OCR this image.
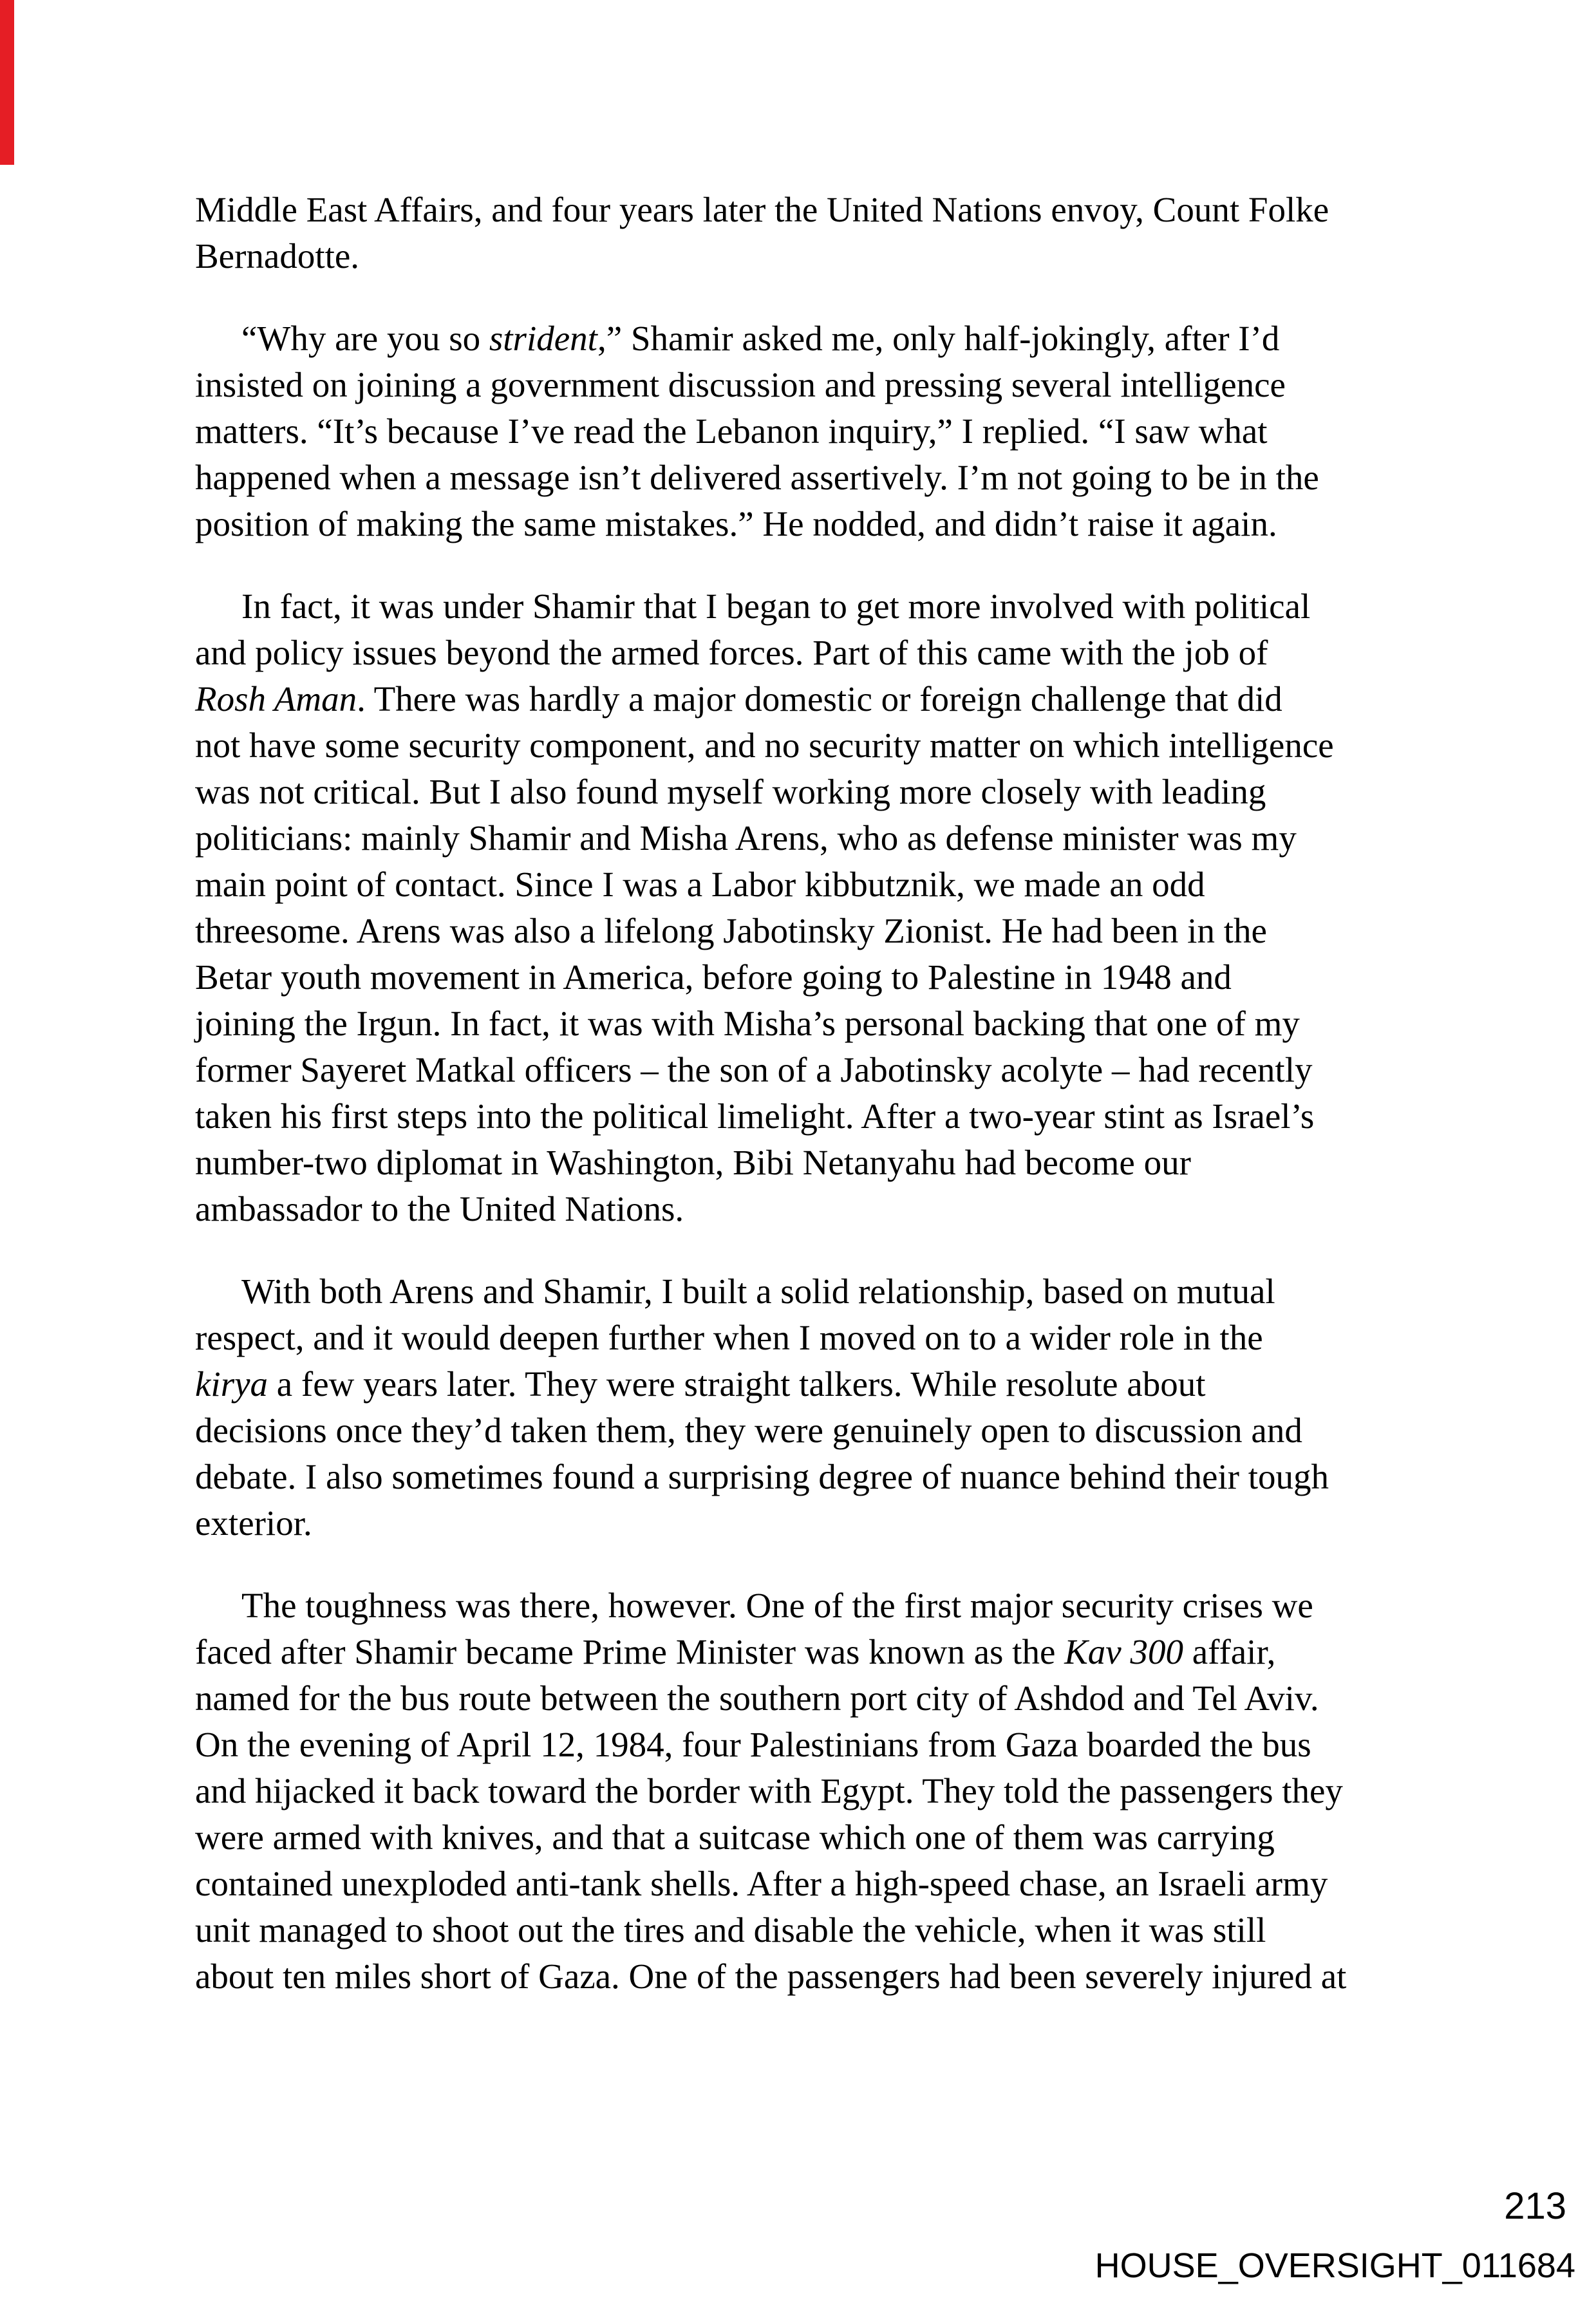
Middle East Affairs, and four years later the United Nations envoy, Count Folke
Bernadotte.
“Why are you so strident,” Shamir asked me, only half-jokingly, after I’d
insisted on joining a government discussion and pressing several intelligence
matters. “It’s because I’ve read the Lebanon inquiry,” I replied. “I saw what
happened when a message isn’t delivered assertively. I’m not going to be in the
position of making the same mistakes.” He nodded, and didn’t raise it again.
In fact, it was under Shamir that I began to get more involved with political
and policy issues beyond the armed forces. Part of this came with the job of
Rosh Aman. There was hardly a major domestic or foreign challenge that did
not have some security component, and no security matter on which intelligence
was not critical. But I also found myself working more closely with leading
politicians: mainly Shamir and Misha Arens, who as defense minister was my
main point of contact. Since I was a Labor kibbutznik, we made an odd
threesome. Arens was also a lifelong Jabotinsky Zionist. He had been in the
Betar youth movement in America, before going to Palestine in 1948 and
joining the Irgun. In fact, it was with Misha’s personal backing that one of my
former Sayeret Matkal officers – the son of a Jabotinsky acolyte – had recently
taken his first steps into the political limelight. After a two-year stint as Israel’s
number-two diplomat in Washington, Bibi Netanyahu had become our
ambassador to the United Nations.
With both Arens and Shamir, I built a solid relationship, based on mutual
respect, and it would deepen further when I moved on to a wider role in the
kirya a few years later. They were straight talkers. While resolute about
decisions once they’d taken them, they were genuinely open to discussion and
debate. I also sometimes found a surprising degree of nuance behind their tough
exterior.
The toughness was there, however. One of the first major security crises we
faced after Shamir became Prime Minister was known as the Kav 300 affair,
named for the bus route between the southern port city of Ashdod and Tel Aviv.
On the evening of April 12, 1984, four Palestinians from Gaza boarded the bus
and hijacked it back toward the border with Egypt. They told the passengers they
were armed with knives, and that a suitcase which one of them was carrying
contained unexploded anti-tank shells. After a high-speed chase, an Israeli army
unit managed to shoot out the tires and disable the vehicle, when it was still
about ten miles short of Gaza. One of the passengers had been severely injured at
213
HOUSE_OVERSIGHT_011684
